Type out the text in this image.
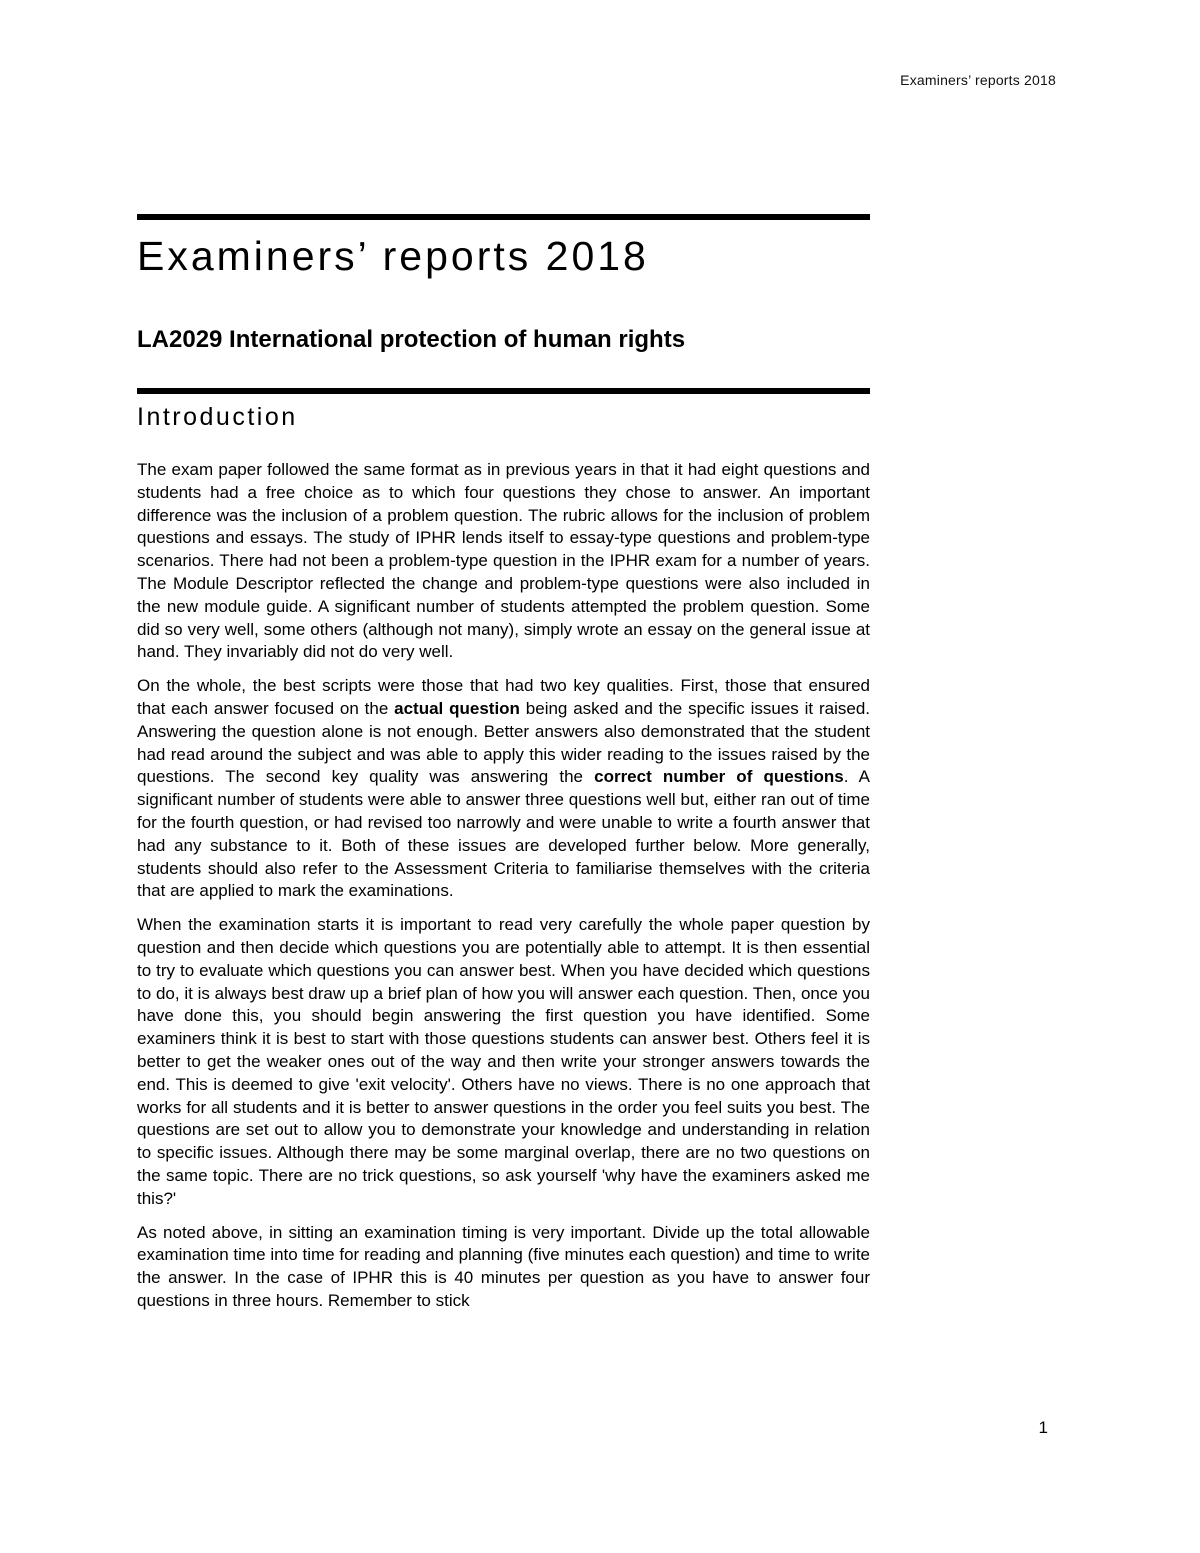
Examiners’ reports 2018
Examiners’ reports 2018
LA2029 International protection of human rights
Introduction

The exam paper followed the same format as in previous years in that it had eight questions and students had a free choice as to which four questions they chose to answer. An important difference was the inclusion of a problem question. The rubric allows for the inclusion of problem questions and essays. The study of IPHR lends itself to essay-type questions and problem-type scenarios. There had not been a problem-type question in the IPHR exam for a number of years. The Module Descriptor reflected the change and problem-type questions were also included in the new module guide. A significant number of students attempted the problem question. Some did so very well, some others (although not many), simply wrote an essay on the general issue at hand. They invariably did not do very well.

On the whole, the best scripts were those that had two key qualities. First, those that ensured that each answer focused on the actual question being asked and the specific issues it raised. Answering the question alone is not enough. Better answers also demonstrated that the student had read around the subject and was able to apply this wider reading to the issues raised by the questions. The second key quality was answering the correct number of questions. A significant number of students were able to answer three questions well but, either ran out of time for the fourth question, or had revised too narrowly and were unable to write a fourth answer that had any substance to it. Both of these issues are developed further below. More generally, students should also refer to the Assessment Criteria to familiarise themselves with the criteria that are applied to mark the examinations.

When the examination starts it is important to read very carefully the whole paper question by question and then decide which questions you are potentially able to attempt. It is then essential to try to evaluate which questions you can answer best. When you have decided which questions to do, it is always best draw up a brief plan of how you will answer each question. Then, once you have done this, you should begin answering the first question you have identified. Some examiners think it is best to start with those questions students can answer best. Others feel it is better to get the weaker ones out of the way and then write your stronger answers towards the end. This is deemed to give 'exit velocity'. Others have no views. There is no one approach that works for all students and it is better to answer questions in the order you feel suits you best. The questions are set out to allow you to demonstrate your knowledge and understanding in relation to specific issues. Although there may be some marginal overlap, there are no two questions on the same topic. There are no trick questions, so ask yourself 'why have the examiners asked me this?'

As noted above, in sitting an examination timing is very important. Divide up the total allowable examination time into time for reading and planning (five minutes each question) and time to write the answer. In the case of IPHR this is 40 minutes per question as you have to answer four questions in three hours. Remember to stick

1
